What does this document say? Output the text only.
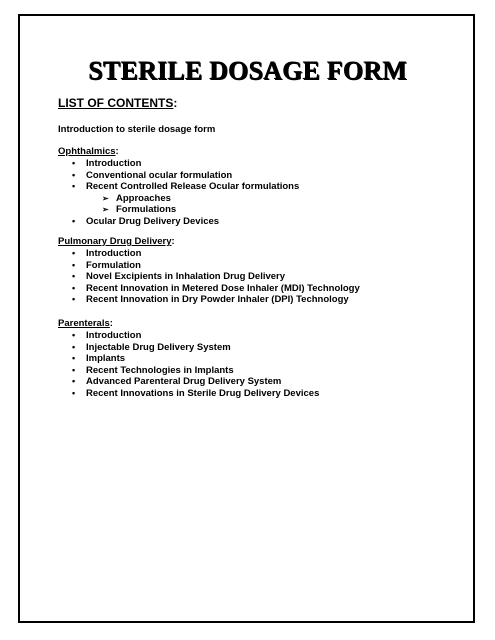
STERILE DOSAGE FORM
LIST OF CONTENTS:
Introduction to sterile dosage form
Ophthalmics:
• Introduction
• Conventional ocular formulation
• Recent Controlled Release Ocular formulations
➢ Approaches
➢ Formulations
• Ocular Drug Delivery Devices
Pulmonary Drug Delivery:
• Introduction
• Formulation
• Novel Excipients in Inhalation Drug Delivery
• Recent Innovation in Metered Dose Inhaler (MDI) Technology
• Recent Innovation in Dry Powder Inhaler (DPI) Technology
Parenterals:
• Introduction
• Injectable Drug Delivery System
• Implants
• Recent Technologies in Implants
• Advanced Parenteral Drug Delivery System
• Recent Innovations in Sterile Drug Delivery Devices
